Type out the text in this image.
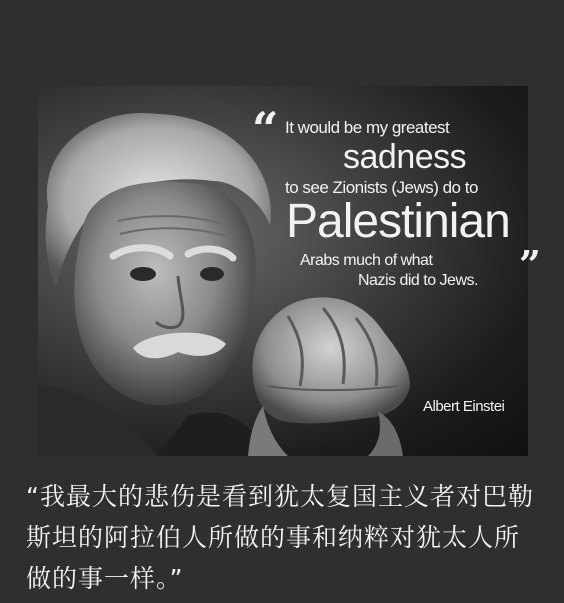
“ It would be my greatest
sadness
to see Zionists (Jews) do to
Palestinian
Arabs much of what
Nazis did to Jews. ”
Albert Einstei
“我最大的悲伤是看到犹太复国主义者对巴勒斯坦的阿拉伯人所做的事和纳粹对犹太人所做的事一样。”
